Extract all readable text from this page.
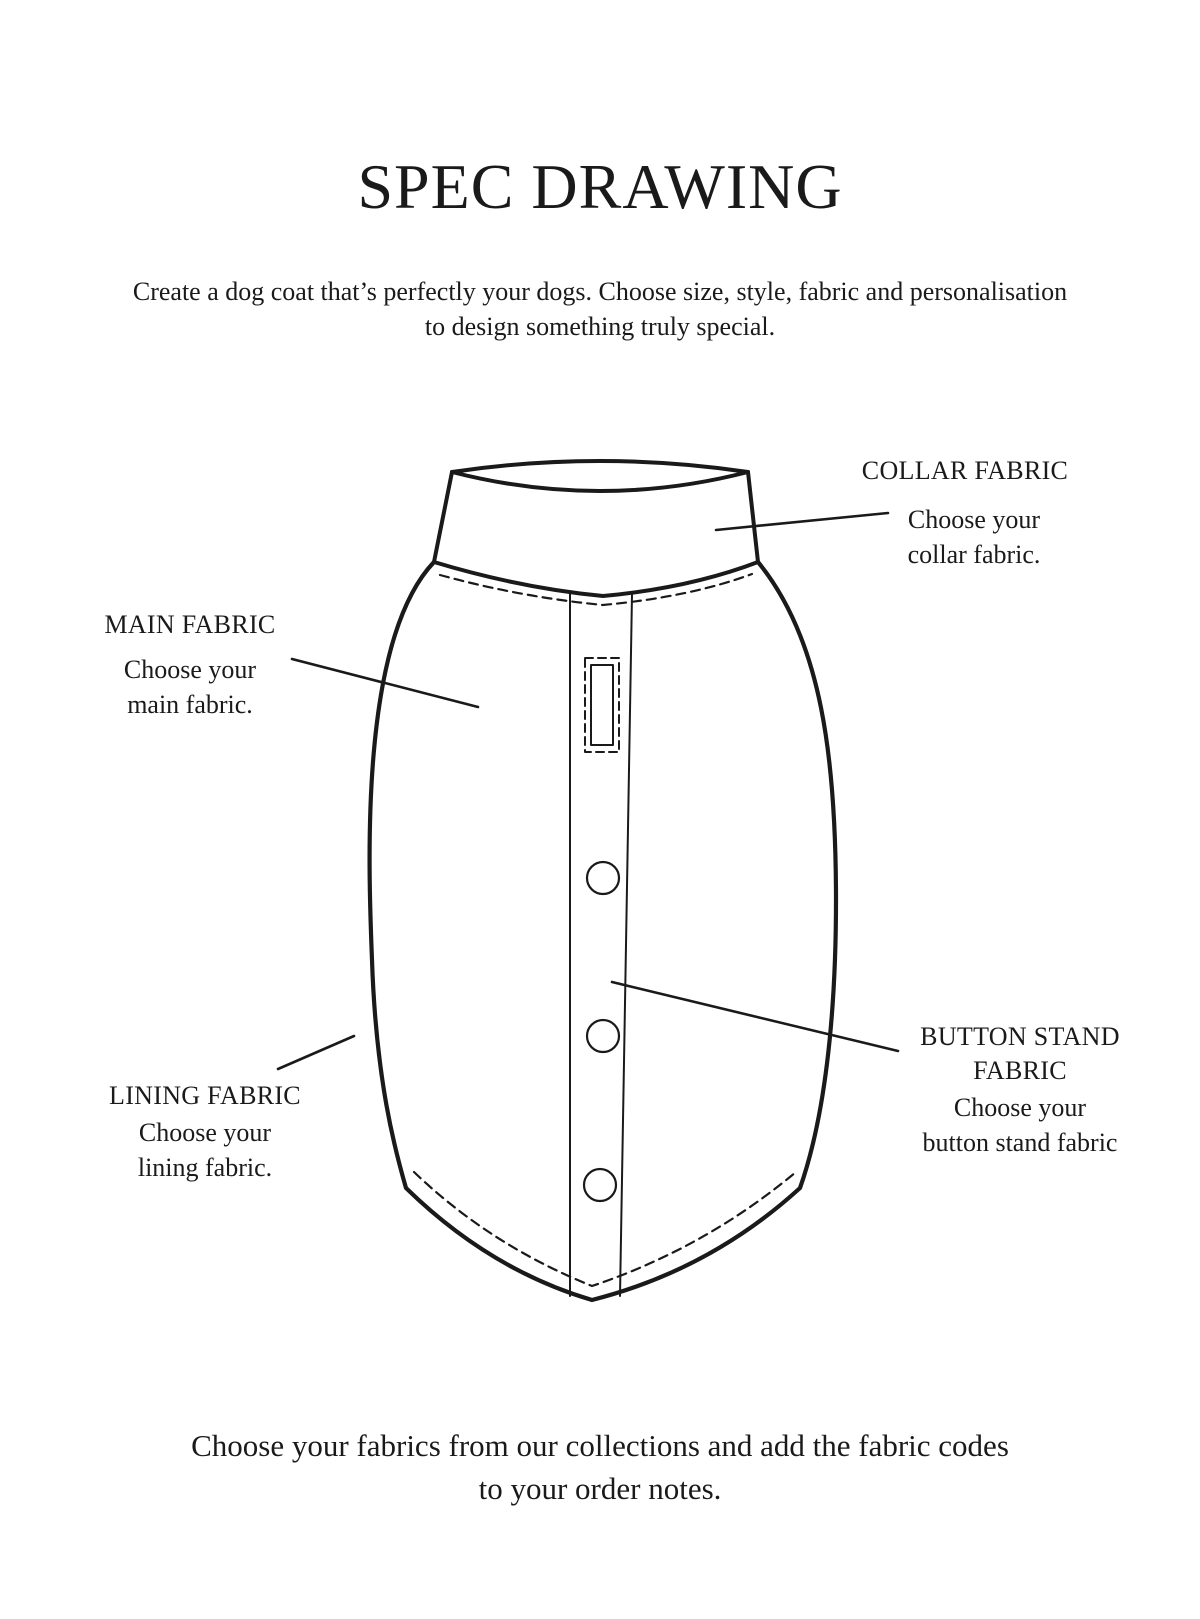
SPEC DRAWING

Create a dog coat that’s perfectly your dogs. Choose size, style, fabric and personalisation
to design something truly special.

COLLAR FABRIC
Choose your
collar fabric.
MAIN FABRIC
Choose your
main fabric.
LINING FABRIC
Choose your
lining fabric.
BUTTON STAND
FABRIC
Choose your
button stand fabric

Choose your fabrics from our collections and add the fabric codes
to your order notes.
